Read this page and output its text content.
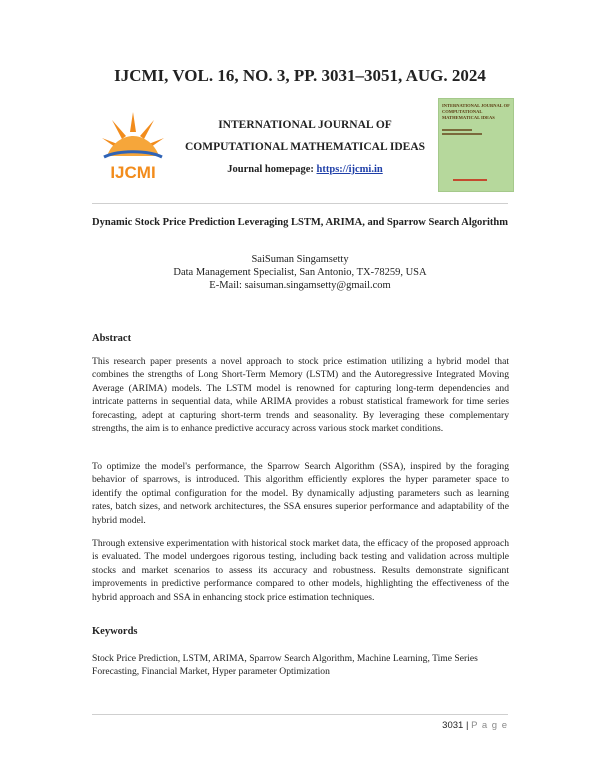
IJCMI, VOL. 16, NO. 3, PP. 3031–3051, AUG. 2024
IJCMI
INTERNATIONAL JOURNAL OF
COMPUTATIONAL MATHEMATICAL IDEAS
Journal homepage: https://ijcmi.in
INTERNATIONAL JOURNAL OF COMPUTATIONAL MATHEMATICAL IDEAS
Dynamic Stock Price Prediction Leveraging LSTM, ARIMA, and Sparrow Search Algorithm
SaiSuman Singamsetty
Data Management Specialist, San Antonio, TX-78259, USA
E-Mail: saisuman.singamsetty@gmail.com
Abstract

This research paper presents a novel approach to stock price estimation utilizing a hybrid model that combines the strengths of Long Short-Term Memory (LSTM) and the Autoregressive Integrated Moving Average (ARIMA) models. The LSTM model is renowned for capturing long-term dependencies and intricate patterns in sequential data, while ARIMA provides a robust statistical framework for time series forecasting, adept at capturing short-term trends and seasonality. By leveraging these complementary strengths, the aim is to enhance predictive accuracy across various stock market conditions.

To optimize the model's performance, the Sparrow Search Algorithm (SSA), inspired by the foraging behavior of sparrows, is introduced. This algorithm efficiently explores the hyper parameter space to identify the optimal configuration for the model. By dynamically adjusting parameters such as learning rates, batch sizes, and network architectures, the SSA ensures superior performance and adaptability of the hybrid model.

Through extensive experimentation with historical stock market data, the efficacy of the proposed approach is evaluated. The model undergoes rigorous testing, including back testing and validation across multiple stocks and market scenarios to assess its accuracy and robustness. Results demonstrate significant improvements in predictive performance compared to other models, highlighting the effectiveness of the hybrid approach and SSA in enhancing stock price estimation techniques.

Keywords

Stock Price Prediction, LSTM, ARIMA, Sparrow Search Algorithm, Machine Learning, Time Series Forecasting, Financial Market, Hyper parameter Optimization

3031 | P a g e
